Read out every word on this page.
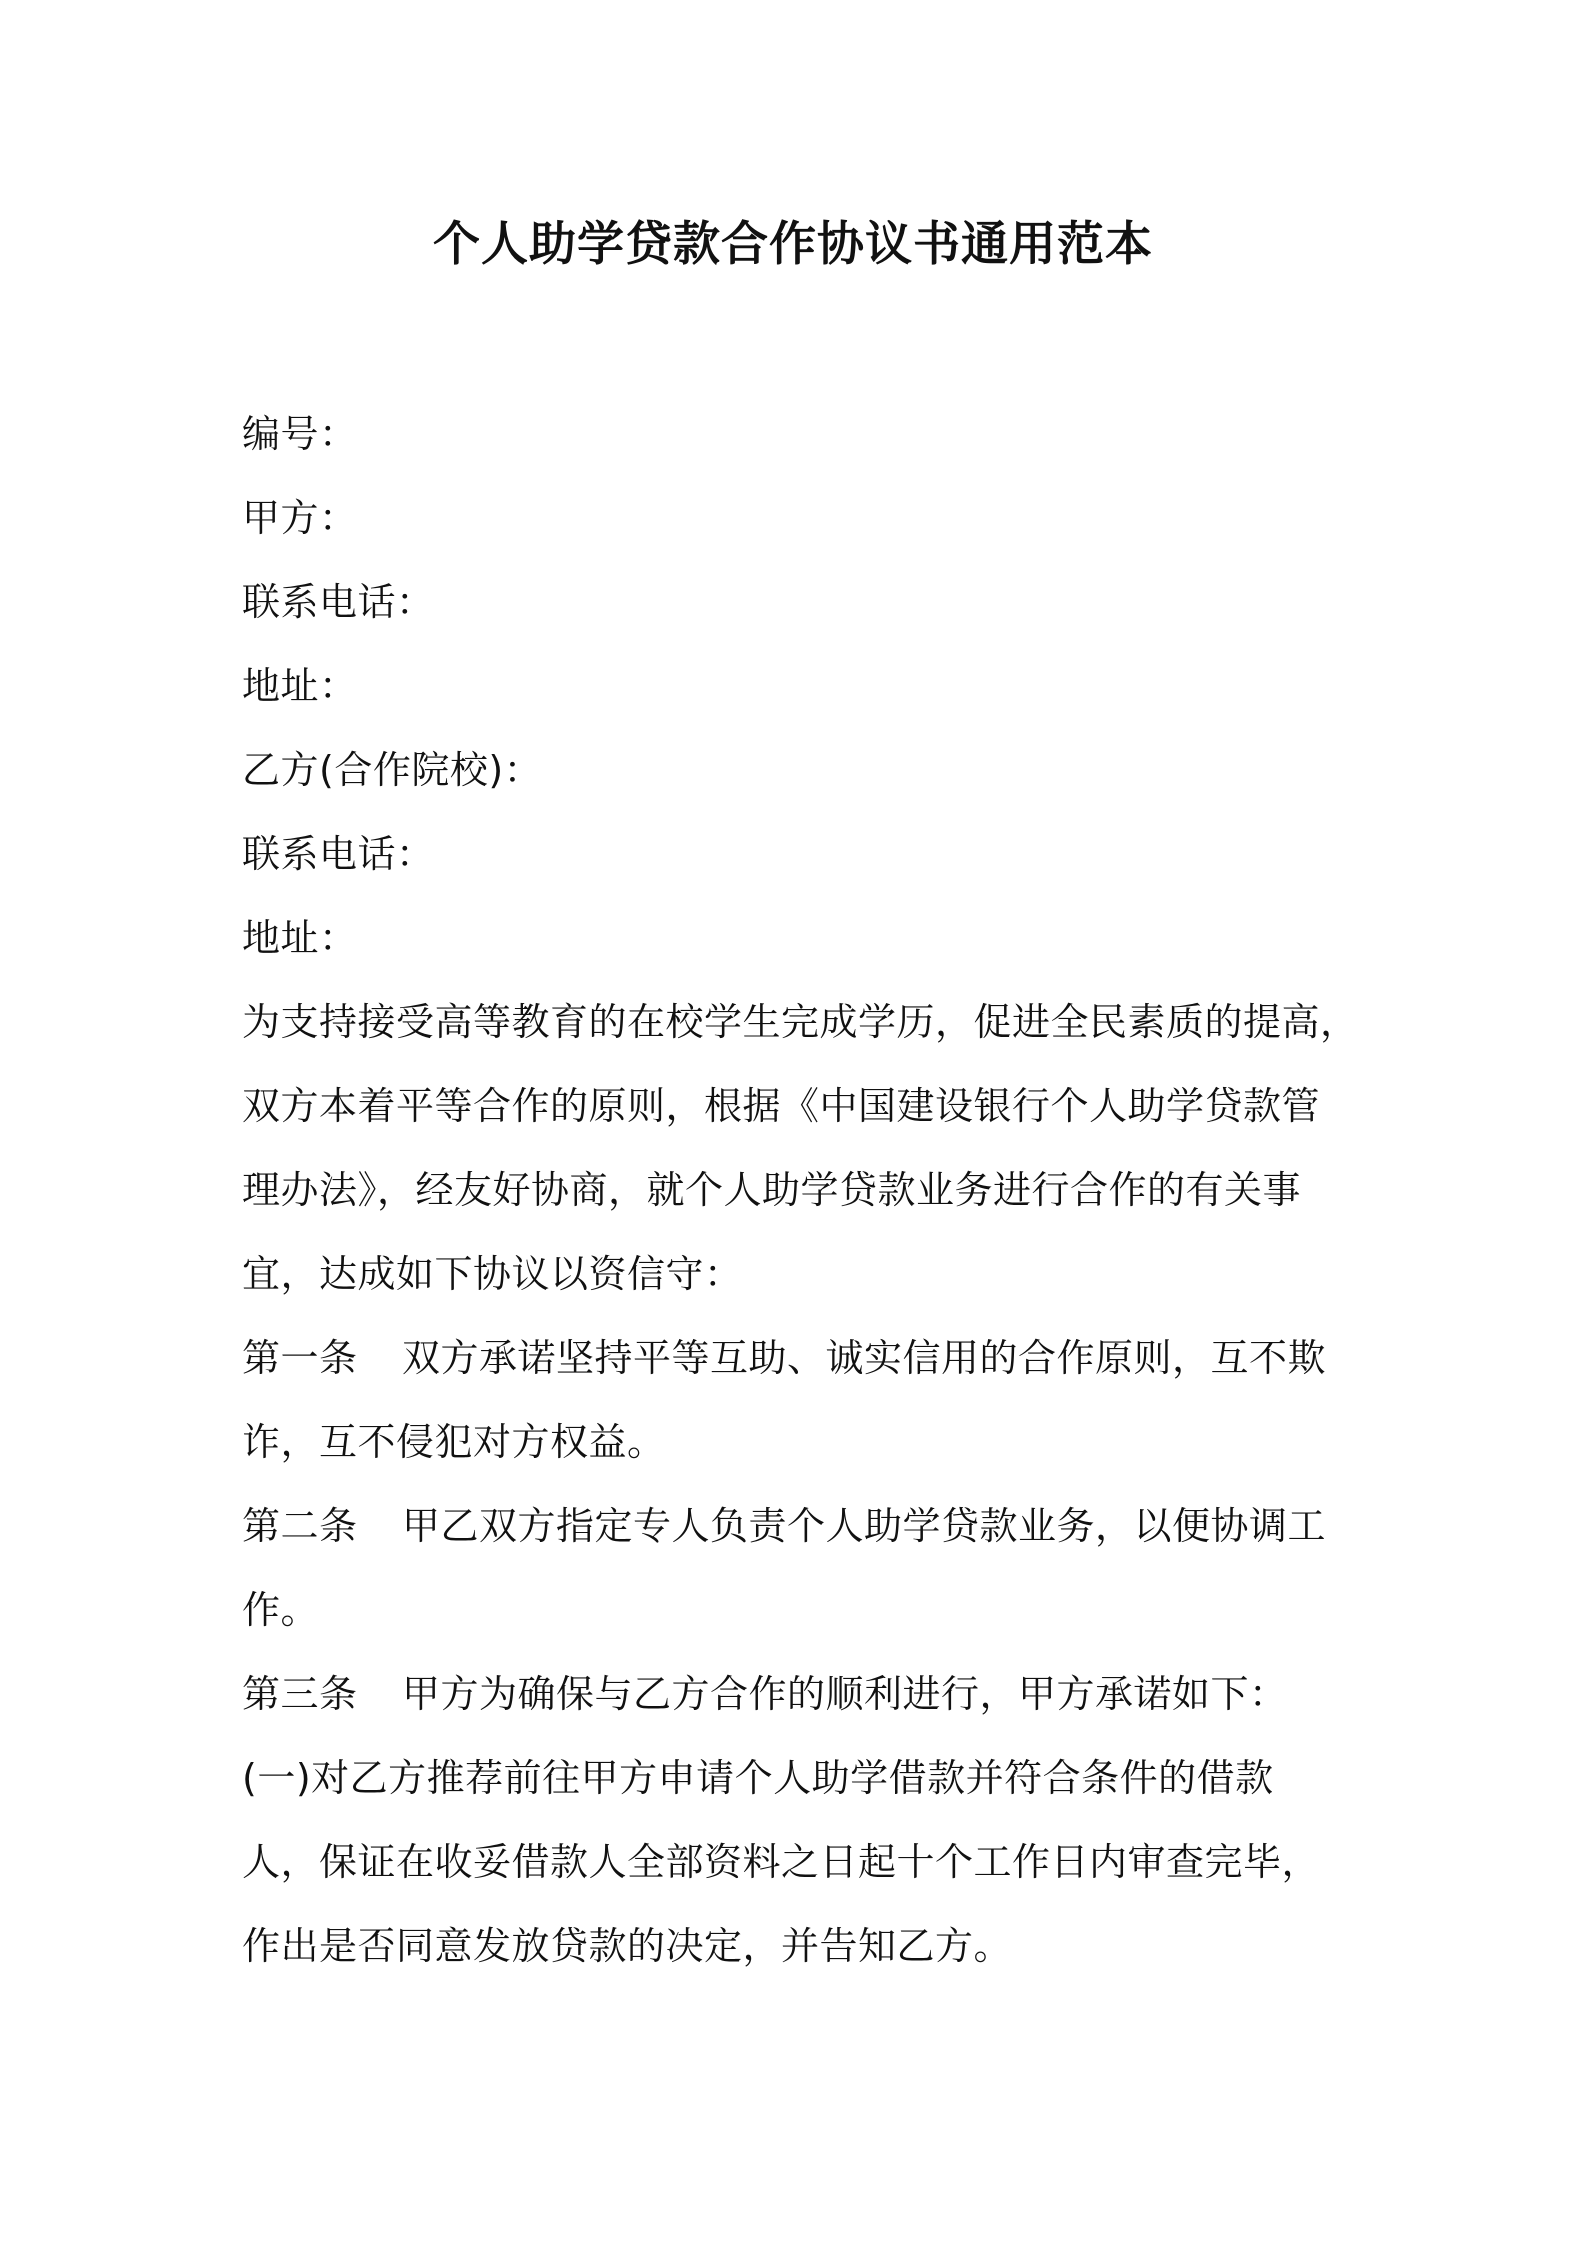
个人助学贷款合作协议书通用范本
编号：
甲方：
联系电话：
地址：
乙方(合作院校)：
联系电话：
地址：
为支持接受高等教育的在校学生完成学历，促进全民素质的提高，
双方本着平等合作的原则，根据《中国建设银行个人助学贷款管
理办法》，经友好协商，就个人助学贷款业务进行合作的有关事
宜，达成如下协议以资信守：
第一条 双方承诺坚持平等互助、诚实信用的合作原则，互不欺
诈，互不侵犯对方权益。
第二条 甲乙双方指定专人负责个人助学贷款业务，以便协调工
作。
第三条 甲方为确保与乙方合作的顺利进行，甲方承诺如下：
(一)对乙方推荐前往甲方申请个人助学借款并符合条件的借款
人，保证在收妥借款人全部资料之日起十个工作日内审查完毕，
作出是否同意发放贷款的决定，并告知乙方。
